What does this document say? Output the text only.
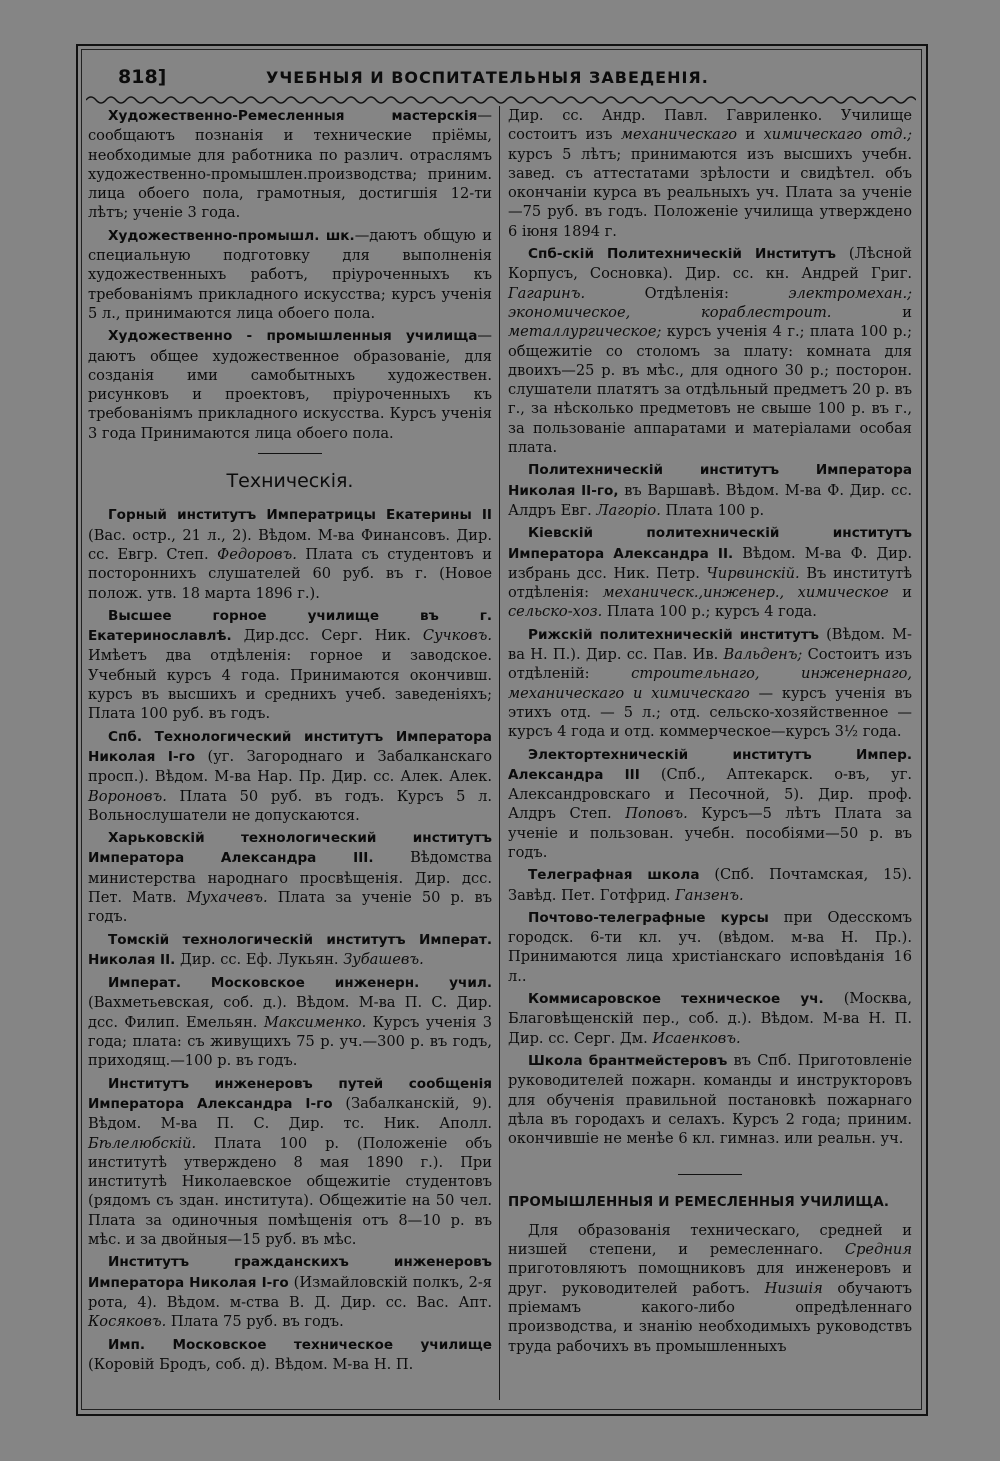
818]	УЧЕБНЫЯ И ВОСПИТАТЕЛЬНЫЯ ЗАВЕДЕНІЯ.

Художественно-Ремесленныя мастерскія—сообщаютъ познанія и технические пріёмы, необходимые для работника по различ. отраслямъ художественно-промышлен.производства; приним. лица обоего пола, грамотныя, достигшія 12-ти лѣтъ; ученіе 3 года.

Художественно-промышл. шк.—даютъ общую и специальную подготовку для выполненія художественныхъ работъ, пріуроченныхъ къ требованіямъ прикладного искусства; курсъ ученія 5 л., принимаются лица обоего пола.

Художественно - промышленныя училища—даютъ общее художественное образованіе, для созданія ими самобытныхъ художествен. рисунковъ и проектовъ, пріуроченныхъ къ требованіямъ прикладного искусства. Курсъ ученія 3 года Принимаются лица обоего пола.

Техническія.

Горный институтъ Императрицы Екатерины II (Вас. остр., 21 л., 2). Вѣдом. М-ва Финансовъ. Дир. сс. Евгр. Степ. Федоровъ. Плата съ студентовъ и постороннихъ слушателей 60 руб. въ г. (Новое полож. утв. 18 марта 1896 г.).

Высшее горное училище въ г. Екатеринославлѣ. Дир.дсс. Серг. Ник. Сучковъ. Имѣетъ два отдѣленія: горное и заводское. Учебный курсъ 4 года. Принимаются окончивш. курсъ въ высшихъ и среднихъ учеб. заведеніяхъ; Плата 100 руб. въ годъ.

Спб. Технологический институтъ Императора Николая I-го (уг. Загороднаго и Забалканскаго просп.). Вѣдом. М-ва Нар. Пр. Дир. сс. Алек. Алек. Вороновъ. Плата 50 руб. въ годъ. Курсъ 5 л. Вольнослушатели не допускаются.

Харьковскій технологический институтъ Императора Александра III. Вѣдомства министерства народнаго просвѣщенія. Дир. дсс. Пет. Матв. Мухачевъ. Плата за ученіе 50 р. въ годъ.

Томскій технологическій институтъ Императ. Николая II. Дир. сс. Еф. Лукьян. Зубашевъ.

Императ. Московское инженерн. учил. (Вахметьевская, соб. д.). Вѣдом. М-ва П. С. Дир. дсс. Филип. Емельян. Максименко. Курсъ ученія 3 года; плата: съ живущихъ 75 р. уч.—300 р. въ годъ, приходящ.—100 р. въ годъ.

Институтъ инженеровъ путей сообщенія Императора Александра I-го (Забалканскій, 9). Вѣдом. М-ва П. С. Дир. тс. Ник. Аполл. Бѣлелюбскій. Плата 100 р. (Положеніе объ институтѣ утверждено 8 мая 1890 г.). При институтѣ Николаевское общежитіе студентовъ (рядомъ съ здан. института). Общежитіе на 50 чел. Плата за одиночныя помѣщенія отъ 8—10 р. въ мѣс. и за двойныя—15 руб. въ мѣс.

Институтъ гражданскихъ инженеровъ Императора Николая I-го (Измайловскій полкъ, 2-я рота, 4). Вѣдом. м-ства В. Д. Дир. сс. Вас. Апт. Косяковъ. Плата 75 руб. въ годъ.

Имп. Московское техническое училище (Коровій Бродъ, соб. д). Вѣдом. М-ва Н. П.

Дир. сс. Андр. Павл. Гавриленко. Училище состоитъ изъ механическаго и химическаго отд.; курсъ 5 лѣтъ; принимаются изъ высшихъ учебн. завед. съ аттестатами зрѣлости и свидѣтел. объ окончаніи курса въ реальныхъ уч. Плата за ученіе—75 руб. въ годъ. Положеніе училища утверждено 6 іюня 1894 г.

Спб-скій Политехническій Институтъ (Лѣсной Корпусъ, Сосновка). Дир. сс. кн. Андрей Григ. Гагаринъ. Отдѣленія: электромехан.; экономическое, кораблестроит. и металлургическое; курсъ ученія 4 г.; плата 100 р.; общежитіе со столомъ за плату: комната для двоихъ—25 р. въ мѣс., для одного 30 р.; посторон. слушатели платятъ за отдѣльный предметъ 20 р. въ г., за нѣсколько предметовъ не свыше 100 р. въ г., за пользованіе аппаратами и матеріалами особая плата.

Политехническій институтъ Императора Николая II-го, въ Варшавѣ. Вѣдом. М-ва Ф. Дир. сс. Алдръ Евг. Лагоріо. Плата 100 р.

Кіевскій политехническій институтъ Императора Александра II. Вѣдом. М-ва Ф. Дир. избрань дсс. Ник. Петр. Чирвинскій. Въ институтѣ отдѣленія: механическ.,инженер., химическое и сельско-хоз. Плата 100 р.; курсъ 4 года.

Рижскій политехническій институтъ (Вѣдом. М-ва Н. П.). Дир. сс. Пав. Ив. Вальденъ; Состоитъ изъ отдѣленій: строительнаго, инженернаго, механическаго и химическаго — курсъ ученія въ этихъ отд. — 5 л.; отд. сельско-хозяйственное — курсъ 4 года и отд. коммерческое—курсъ 3½ года.

Электортехническій институтъ Импер. Александра III (Спб., Аптекарск. о-въ, уг. Александровскаго и Песочной, 5). Дир. проф. Алдръ Степ. Поповъ. Курсъ—5 лѣтъ Плата за ученіе и пользован. учебн. пособіями—50 р. въ годъ.

Телеграфная школа (Спб. Почтамская, 15). Завѣд. Пет. Готфрид. Ганзенъ.

Почтово-телеграфные курсы при Одесскомъ городск. 6-ти кл. уч. (вѣдом. м-ва Н. Пр.). Принимаются лица христіанскаго исповѣданія 16 л..

Коммисаровское техническое уч. (Москва, Благовѣщенскій пер., соб. д.). Вѣдом. М-ва Н. П. Дир. сс. Серг. Дм. Исаенковъ.

Школа брантмейстеровъ въ Спб. Приготовленіе руководителей пожарн. команды и инструкторовъ для обученія правильной постановкѣ пожарнаго дѣла въ городахъ и селахъ. Курсъ 2 года; приним. окончившіе не менѣе 6 кл. гимназ. или реальн. уч.

ПРОМЫШЛЕННЫЯ И РЕМЕСЛЕННЫЯ УЧИЛИЩА.

Для образованія техническаго, средней и низшей степени, и ремесленнаго. Средния приготовляютъ помощниковъ для инженеровъ и друг. руководителей работъ. Низшія обучаютъ пріемамъ какого-либо опредѣленнаго производства, и знанію необходимыхъ руководствъ труда рабочихъ въ промышленныхъ
